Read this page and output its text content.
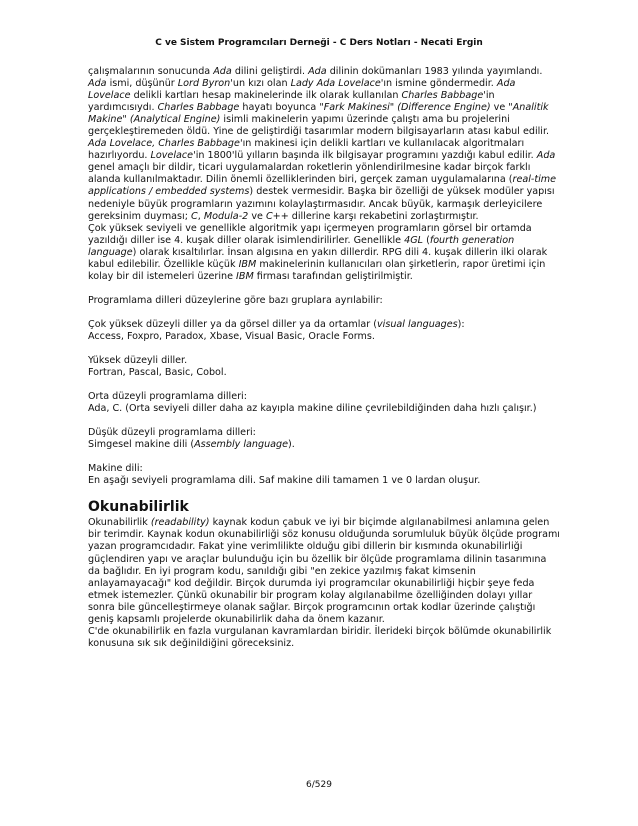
C ve Sistem Programcıları Derneği - C Ders Notları - Necati Ergin

çalışmalarının sonucunda Ada dilini geliştirdi. Ada dilinin dokümanları 1983 yılında yayımlandı. Ada ismi, düşünür Lord Byron'un kızı olan Lady Ada Lovelace'ın ismine göndermedir. Ada Lovelace delikli kartları hesap makinelerinde ilk olarak kullanılan Charles Babbage'in yardımcısıydı. Charles Babbage hayatı boyunca "Fark Makinesi" (Difference Engine) ve "Analitik Makine" (Analytical Engine) isimli makinelerin yapımı üzerinde çalıştı ama bu projelerini gerçekleştiremeden öldü. Yine de geliştirdiği tasarımlar modern bilgisayarların atası kabul edilir. Ada Lovelace, Charles Babbage'ın makinesi için delikli kartları ve kullanılacak algoritmaları hazırlıyordu. Lovelace'in 1800'lü yılların başında ilk bilgisayar programını yazdığı kabul edilir. Ada genel amaçlı bir dildir, ticari uygulamalardan roketlerin yönlendirilmesine kadar birçok farklı alanda kullanılmaktadır. Dilin önemli özelliklerinden biri, gerçek zaman uygulamalarına (real-time applications / embedded systems) destek vermesidir. Başka bir özelliği de yüksek modüler yapısı nedeniyle büyük programların yazımını kolaylaştırmasıdır. Ancak büyük, karmaşık derleyicilere gereksinim duyması; C, Modula-2 ve C++ dillerine karşı rekabetini zorlaştırmıştır.
Çok yüksek seviyeli ve genellikle algoritmik yapı içermeyen programların görsel bir ortamda yazıldığı diller ise 4. kuşak diller olarak isimlendirilirler. Genellikle 4GL (fourth generation language) olarak kısaltılırlar. İnsan algısına en yakın dillerdir. RPG dili 4. kuşak dillerin ilki olarak kabul edilebilir. Özellikle küçük IBM makinelerinin kullanıcıları olan şirketlerin, rapor üretimi için kolay bir dil istemeleri üzerine IBM firması tarafından geliştirilmiştir.

Programlama dilleri düzeylerine göre bazı gruplara ayrılabilir:

Çok yüksek düzeyli diller ya da görsel diller ya da ortamlar (visual languages):
Access, Foxpro, Paradox, Xbase, Visual Basic, Oracle Forms.

Yüksek düzeyli diller.
Fortran, Pascal, Basic, Cobol.

Orta düzeyli programlama dilleri:
Ada, C. (Orta seviyeli diller daha az kayıpla makine diline çevrilebildiğinden daha hızlı çalışır.)

Düşük düzeyli programlama dilleri:
Simgesel makine dili (Assembly language).

Makine dili:
En aşağı seviyeli programlama dili. Saf makine dili tamamen 1 ve 0 lardan oluşur.

Okunabilirlik

Okunabilirlik (readability) kaynak kodun çabuk ve iyi bir biçimde algılanabilmesi anlamına gelen bir terimdir. Kaynak kodun okunabilirliği söz konusu olduğunda sorumluluk büyük ölçüde programı yazan programcıdadır. Fakat yine verimlilikte olduğu gibi dillerin bir kısmında okunabilirliği güçlendiren yapı ve araçlar bulunduğu için bu özellik bir ölçüde programlama dilinin tasarımına da bağlıdır. En iyi program kodu, sanıldığı gibi "en zekice yazılmış fakat kimsenin anlayamayacağı" kod değildir. Birçok durumda iyi programcılar okunabilirliği hiçbir şeye feda etmek istemezler. Çünkü okunabilir bir program kolay algılanabilme özelliğinden dolayı yıllar sonra bile güncelleştirmeye olanak sağlar. Birçok programcının ortak kodlar üzerinde çalıştığı geniş kapsamlı projelerde okunabilirlik daha da önem kazanır.
C'de okunabilirlik en fazla vurgulanan kavramlardan biridir. İlerideki birçok bölümde okunabilirlik konusuna sık sık değinildiğini göreceksiniz.

6/529
